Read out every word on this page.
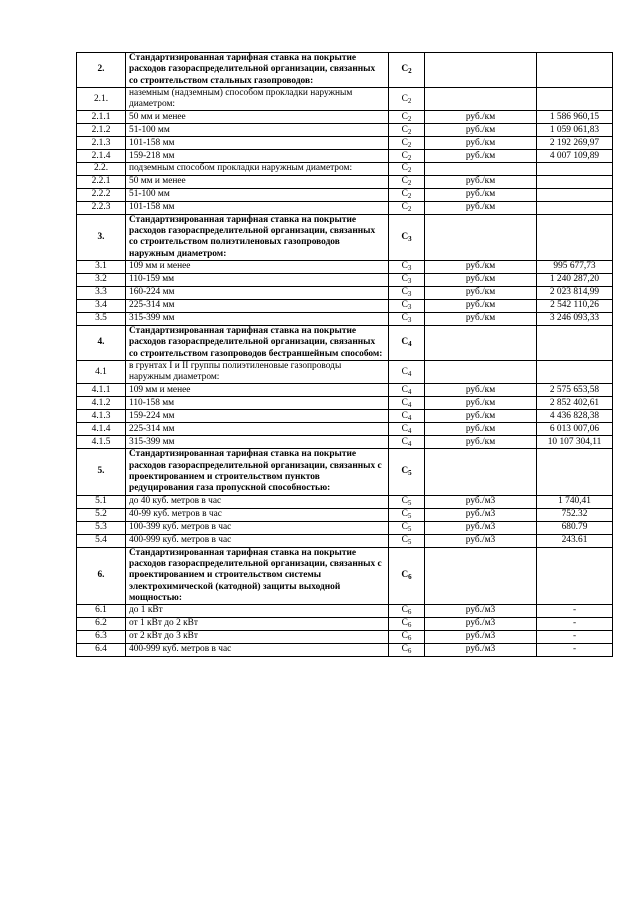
2.	Стандартизированная тарифная ставка на покрытие расходов газораспределительной организации, связанных со строительством стальных газопроводов:	$C_2$		
2.1.	наземным (надземным) способом прокладки наружным диаметром:	$C_2$		
2.1.1	50 мм и менее	$C_2$	руб./км	1 586 960,15
2.1.2	51-100 мм	$C_2$	руб./км	1 059 061,83
2.1.3	101-158 мм	$C_2$	руб./км	2 192 269,97
2.1.4	159-218 мм	$C_2$	руб./км	4 007 109,89
2.2.	подземным способом прокладки наружным диаметром:	$C_2$		
2.2.1	50 мм и менее	$C_2$	руб./км	
2.2.2	51-100 мм	$C_2$	руб./км	
2.2.3	101-158 мм	$C_2$	руб./км	
3.	Стандартизированная тарифная ставка на покрытие расходов газораспределительной организации, связанных со строительством полиэтиленовых газопроводов наружным диаметром:	$C_3$		
3.1	109 мм и менее	$C_3$	руб./км	995 677,73
3.2	110-159 мм	$C_3$	руб./км	1 240 287,20
3.3	160-224 мм	$C_3$	руб./км	2 023 814,99
3.4	225-314 мм	$C_3$	руб./км	2 542 110,26
3.5	315-399 мм	$C_3$	руб./км	3 246 093,33
4.	Стандартизированная тарифная ставка на покрытие расходов газораспределительной организации, связанных со строительством газопроводов бестраншейным способом:	$C_4$		
4.1	в грунтах I и II группы полиэтиленовые газопроводы наружным диаметром:	$C_4$		
4.1.1	109 мм и менее	$C_4$	руб./км	2 575 653,58
4.1.2	110-158 мм	$C_4$	руб./км	2 852 402,61
4.1.3	159-224 мм	$C_4$	руб./км	4 436 828,38
4.1.4	225-314 мм	$C_4$	руб./км	6 013 007,06
4.1.5	315-399 мм	$C_4$	руб./км	10 107 304,11
5.	Стандартизированная тарифная ставка на покрытие расходов газораспределительной организации, связанных с проектированием и строительством пунктов редуцирования газа пропускной способностью:	$C_5$		
5.1	до 40 куб. метров в час	$C_5$	руб./м3	1 740,41
5.2	40-99 куб. метров в час	$C_5$	руб./м3	752.32
5.3	100-399 куб. метров в час	$C_5$	руб./м3	680.79
5.4	400-999 куб. метров в час	$C_5$	руб./м3	243.61
6.	Стандартизированная тарифная ставка на покрытие расходов газораспределительной организации, связанных с проектированием и строительством системы электрохимической (катодной) защиты выходной мощностью:	$C_6$		
6.1	до 1 кВт	$C_6$	руб./м3	-
6.2	от 1 кВт до 2 кВт	$C_6$	руб./м3	-
6.3	от 2 кВт до 3 кВт	$C_6$	руб./м3	-
6.4	400-999 куб. метров в час	$C_6$	руб./м3	-
